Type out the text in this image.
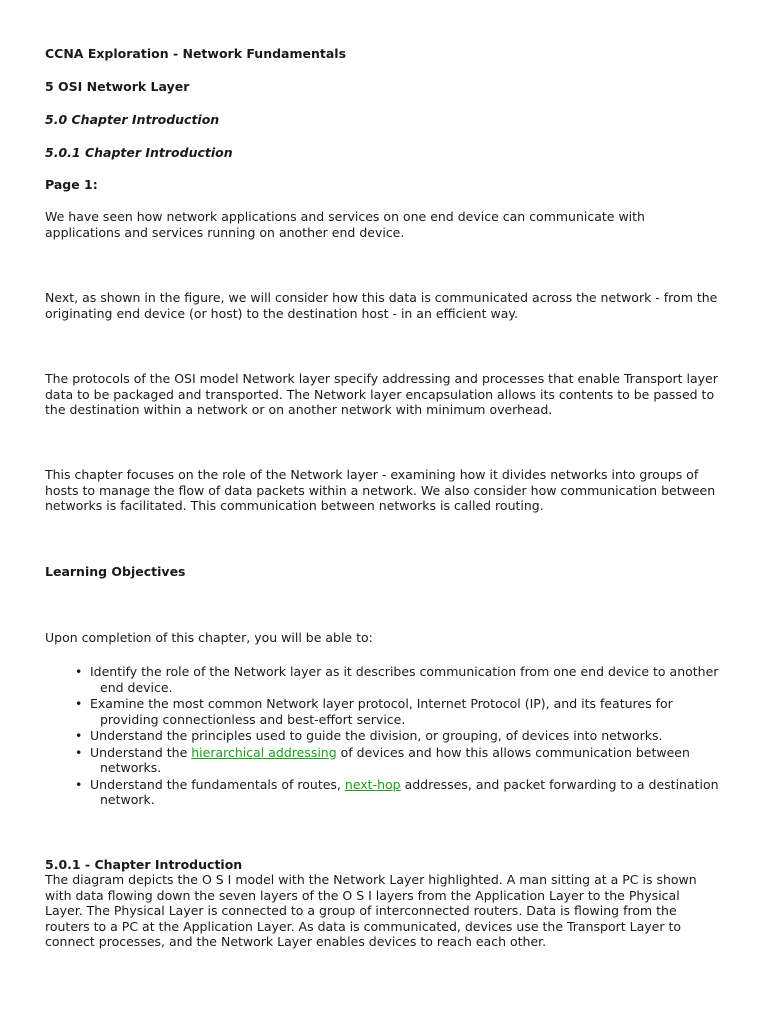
CCNA Exploration - Network Fundamentals
5 OSI Network Layer
5.0 Chapter Introduction
5.0.1 Chapter Introduction
Page 1:
We have seen how network applications and services on one end device can communicate with
applications and services running on another end device.
Next, as shown in the figure, we will consider how this data is communicated across the network - from the
originating end device (or host) to the destination host - in an efficient way.
The protocols of the OSI model Network layer specify addressing and processes that enable Transport layer
data to be packaged and transported. The Network layer encapsulation allows its contents to be passed to
the destination within a network or on another network with minimum overhead.
This chapter focuses on the role of the Network layer - examining how it divides networks into groups of
hosts to manage the flow of data packets within a network. We also consider how communication between
networks is facilitated. This communication between networks is called routing.
Learning Objectives
Upon completion of this chapter, you will be able to:
• Identify the role of the Network layer as it describes communication from one end device to another
end device.
• Examine the most common Network layer protocol, Internet Protocol (IP), and its features for
providing connectionless and best-effort service.
• Understand the principles used to guide the division, or grouping, of devices into networks.
• Understand the hierarchical addressing of devices and how this allows communication between
networks.
• Understand the fundamentals of routes, next-hop addresses, and packet forwarding to a destination
network.
5.0.1 - Chapter Introduction
The diagram depicts the O S I model with the Network Layer highlighted. A man sitting at a PC is shown
with data flowing down the seven layers of the O S I layers from the Application Layer to the Physical
Layer. The Physical Layer is connected to a group of interconnected routers. Data is flowing from the
routers to a PC at the Application Layer. As data is communicated, devices use the Transport Layer to
connect processes, and the Network Layer enables devices to reach each other.
